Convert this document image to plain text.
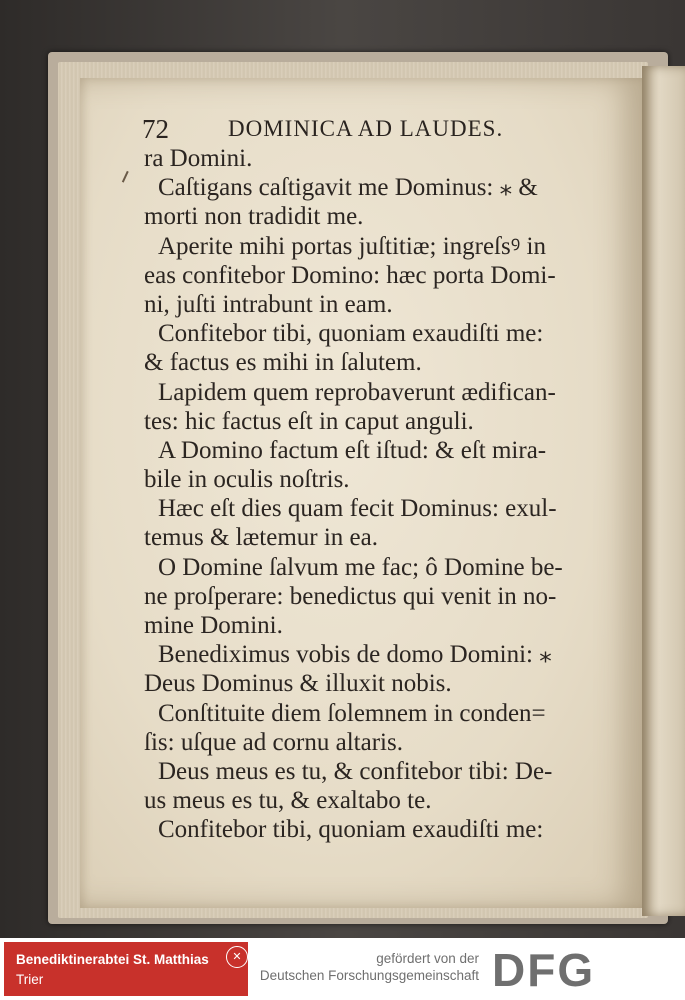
72	DOMINICA AD LAUDES.
ra Domini.
Caſtigans caſtigavit me Dominus: ⁎ &
morti non tradidit me.
Aperite mihi portas juſtitiæ; ingreſsꝰ in
eas confitebor Domino: hæc porta Domi-
ni, juſti intrabunt in eam.
Confitebor tibi, quoniam exaudiſti me:
& factus es mihi in ſalutem.
Lapidem quem reprobaverunt ædifican-
tes: hic factus eſt in caput anguli.
A Domino factum eſt iſtud: & eſt mira-
bile in oculis noſtris.
Hæc eſt dies quam fecit Dominus: exul-
temus & lætemur in ea.
O Domine ſalvum me fac; ô Domine be-
ne proſperare: benedictus qui venit in no-
mine Domini.
Benediximus vobis de domo Domini: ⁎
Deus Dominus & illuxit nobis.
Conſtituite diem ſolemnem in conden=
ſis: uſque ad cornu altaris.
Deus meus es tu, & confitebor tibi: De-
us meus es tu, & exaltabo te.
Confitebor tibi, quoniam exaudiſti me:
Benediktinerabtei St. Matthias
Trier
✕	gefördert von der
Deutschen Forschungsgemeinschaft DFG
